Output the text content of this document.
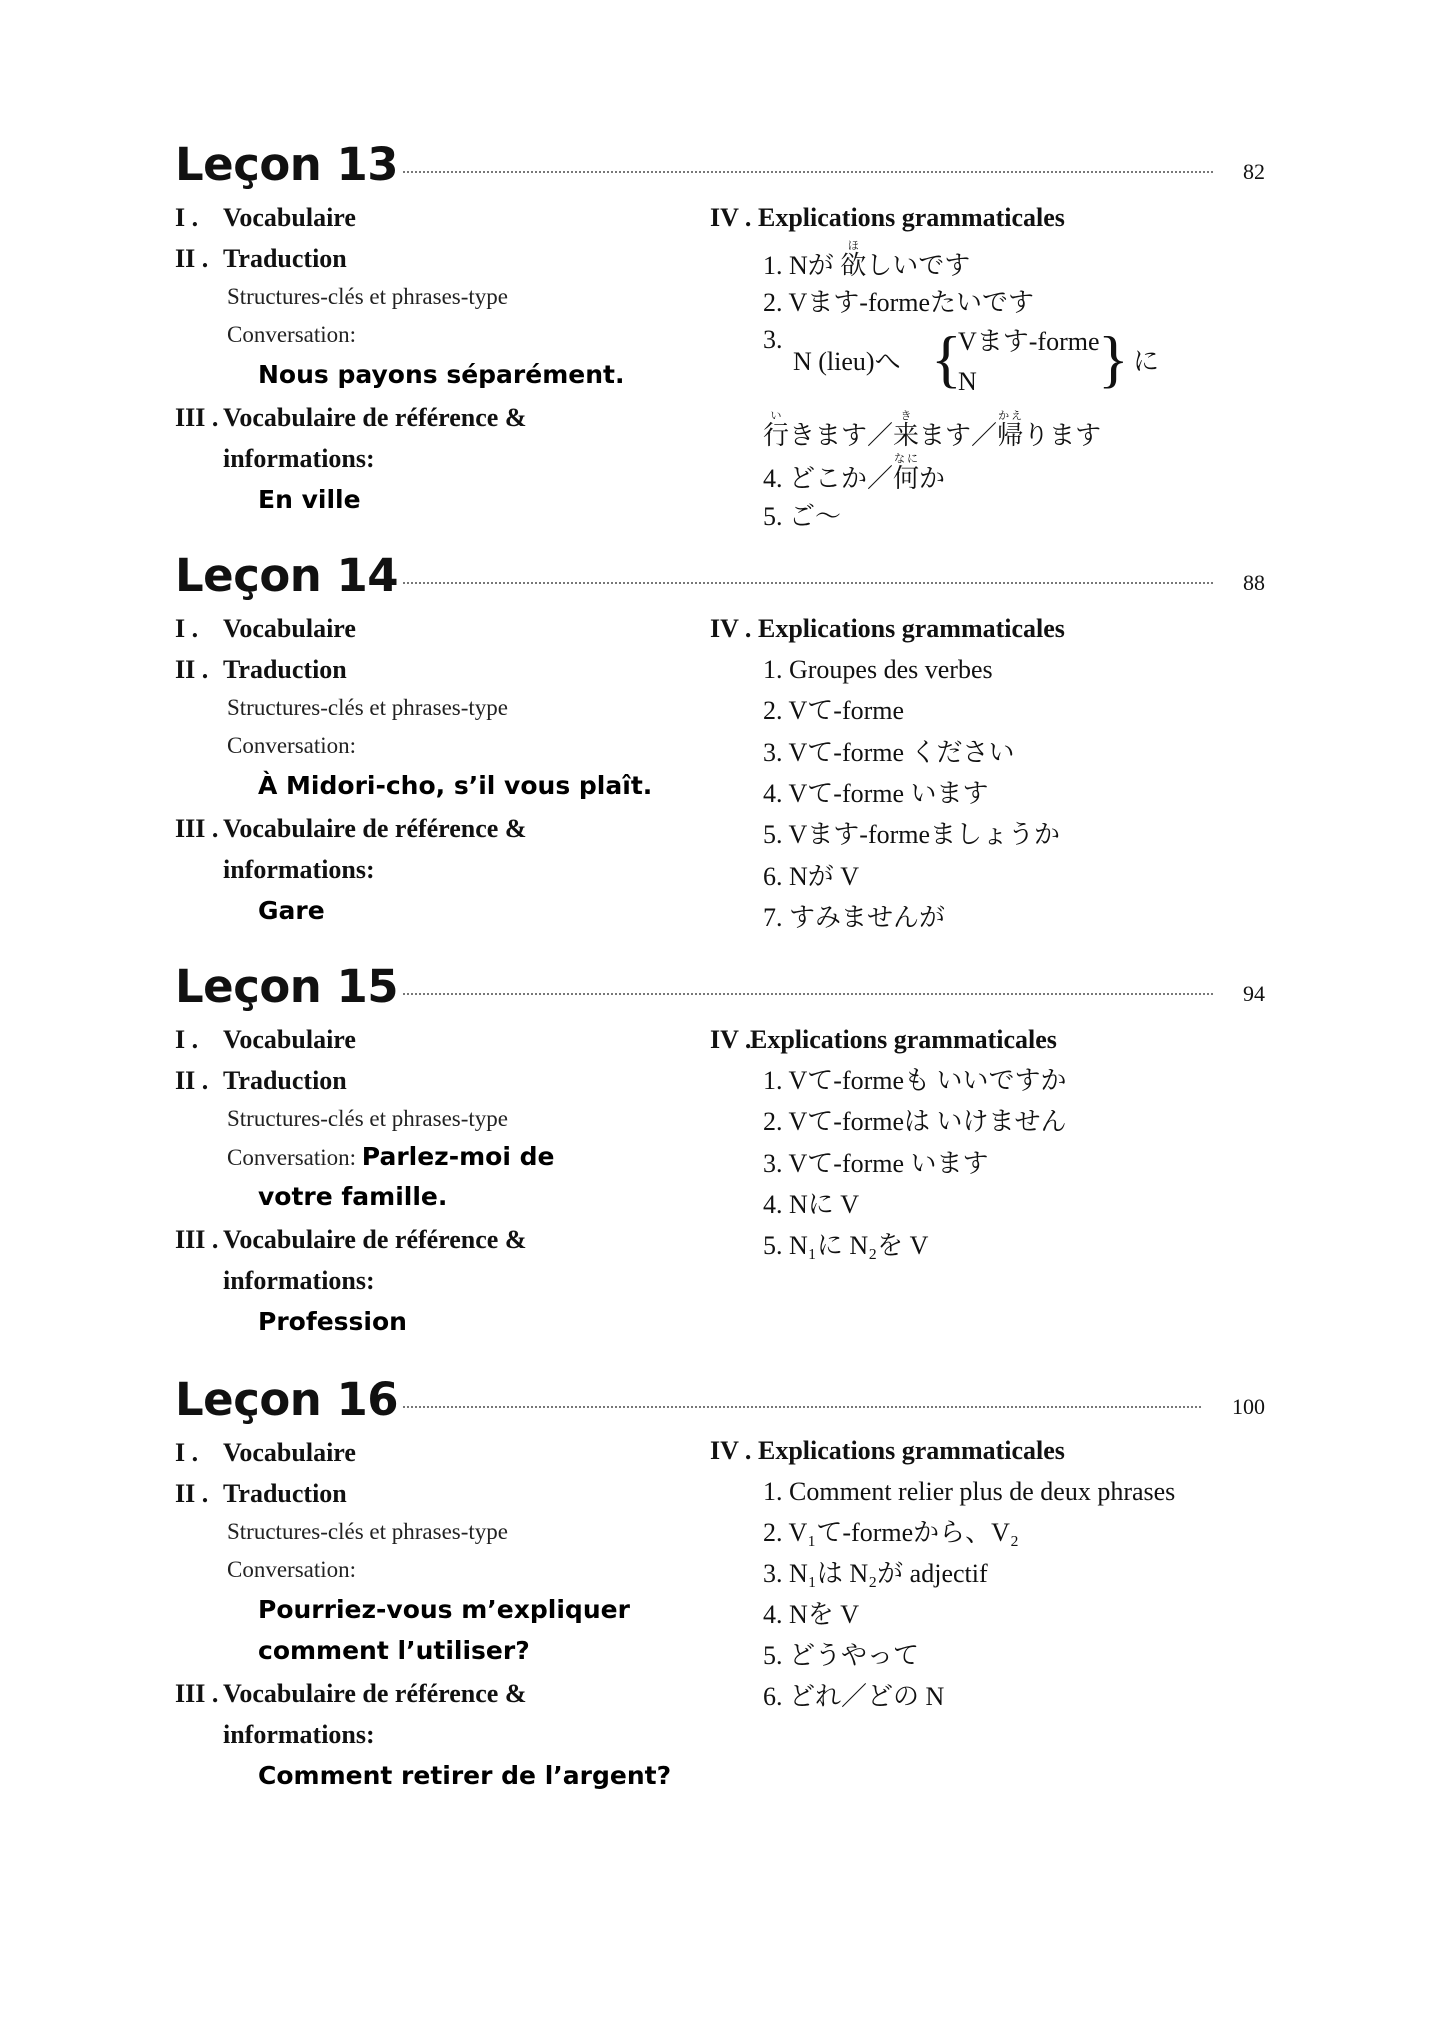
Leçon 13	82
I . Vocabulaire
II . Traduction
Structures-clés et phrases-type
Conversation:
Nous payons séparément.
III . Vocabulaire de référence &
informations:
En ville
IV . Explications grammaticales
1. Nが 欲ほしいです
2. Vます-formeたいです
3.
N (lieu)へ {
Vます-forme
N } に
行いきます／来きます／帰かえります
4. どこか／何なにか
5. ご～
Leçon 14	88
I . Vocabulaire
II . Traduction
Structures-clés et phrases-type
Conversation:
À Midori-cho, s’il vous plaît.
III . Vocabulaire de référence &
informations:
Gare
IV . Explications grammaticales
1. Groupes des verbes
2. Vて-forme
3. Vて-forme ください
4. Vて-forme います
5. Vます-formeましょうか
6. Nが V
7. すみませんが
Leçon 15	94
I . Vocabulaire
II . Traduction
Structures-clés et phrases-type
Conversation: Parlez-moi de
votre famille.
III . Vocabulaire de référence &
informations:
Profession
IV .Explications grammaticales
1. Vて-formeも いいですか
2. Vて-formeは いけません
3. Vて-forme います
4. Nに V
5. N₁に N₂を V
Leçon 16	100
I . Vocabulaire
II . Traduction
Structures-clés et phrases-type
Conversation:
Pourriez-vous m’expliquer
comment l’utiliser?
III . Vocabulaire de référence &
informations:
Comment retirer de l’argent?
IV . Explications grammaticales
1. Comment relier plus de deux phrases
2. V₁て-formeから、V₂
3. N₁は N₂が adjectif
4. Nを V
5. どうやって
6. どれ／どの N
